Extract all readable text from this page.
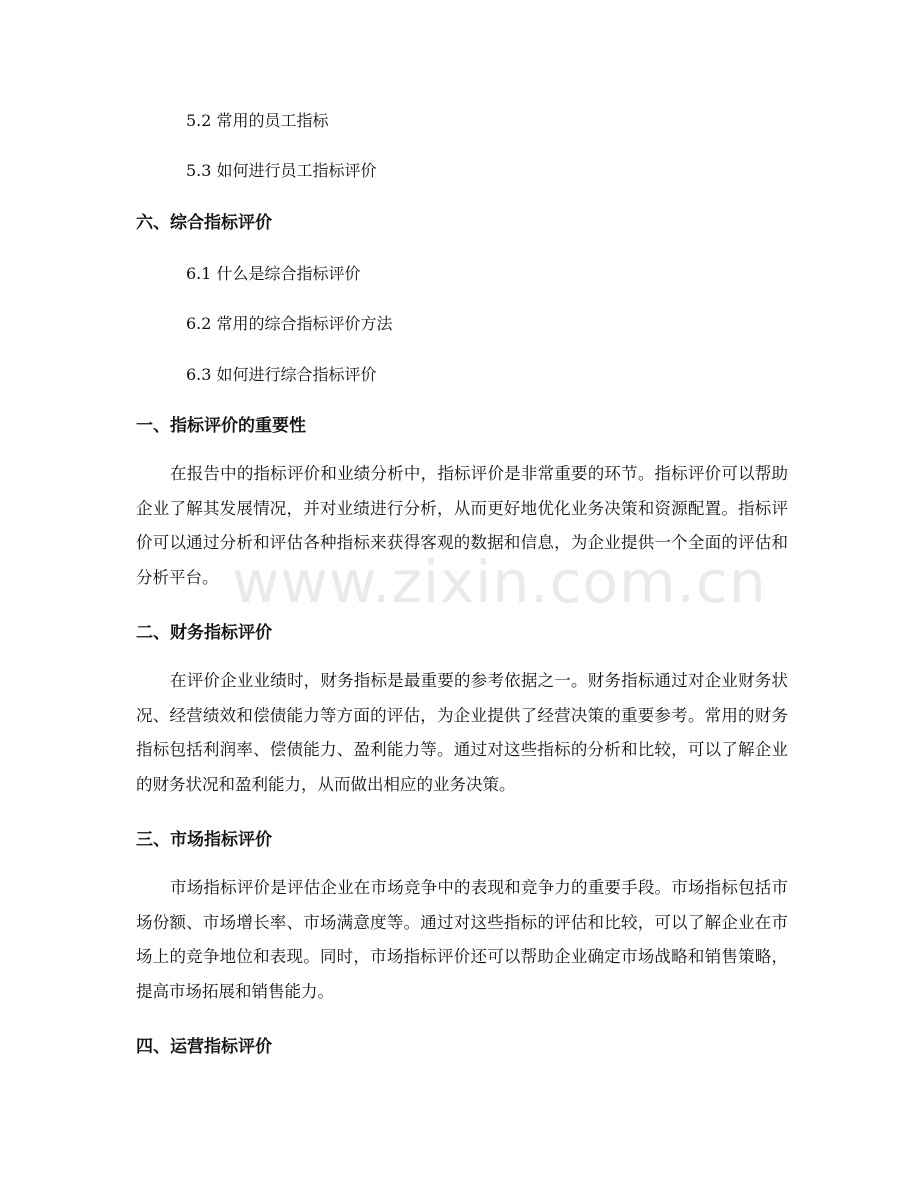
5.2 常用的员工指标
5.3 如何进行员工指标评价
六、综合指标评价
6.1 什么是综合指标评价
6.2 常用的综合指标评价方法
6.3 如何进行综合指标评价
一、指标评价的重要性
在报告中的指标评价和业绩分析中，指标评价是非常重要的环节。指标评价可以帮助企业了解其发展情况，并对业绩进行分析，从而更好地优化业务决策和资源配置。指标评价可以通过分析和评估各种指标来获得客观的数据和信息，为企业提供一个全面的评估和分析平台。
二、财务指标评价
在评价企业业绩时，财务指标是最重要的参考依据之一。财务指标通过对企业财务状况、经营绩效和偿债能力等方面的评估，为企业提供了经营决策的重要参考。常用的财务指标包括利润率、偿债能力、盈利能力等。通过对这些指标的分析和比较，可以了解企业的财务状况和盈利能力，从而做出相应的业务决策。
三、市场指标评价
市场指标评价是评估企业在市场竞争中的表现和竞争力的重要手段。市场指标包括市场份额、市场增长率、市场满意度等。通过对这些指标的评估和比较，可以了解企业在市场上的竞争地位和表现。同时，市场指标评价还可以帮助企业确定市场战略和销售策略，提高市场拓展和销售能力。
四、运营指标评价
www.zixin.com.cn
